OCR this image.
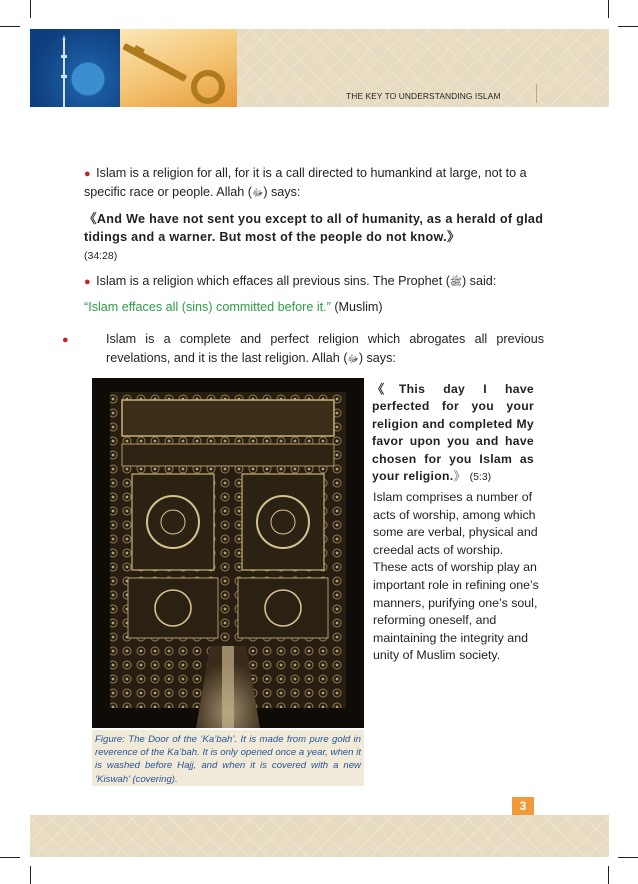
THE KEY TO UNDERSTANDING ISLAM
● Islam is a religion for all, for it is a call directed to humankind at large, not to a specific race or people. Allah (ﷻ) says:
《And We have not sent you except to all of humanity, as a herald of glad tidings and a warner. But most of the people do not know.》
(34:28)
● Islam is a religion which effaces all previous sins. The Prophet (ﷺ) said:
“Islam effaces all (sins) committed before it.” (Muslim)
●	Islam is a complete and perfect religion which abrogates all previous revelations, and it is the last religion. Allah (ﷻ) says:
Figure: The Door of the ‘Ka’bah’. It is made from pure gold in reverence of the Ka’bah. It is only opened once a year, when it is washed before Hajj, and when it is covered with a new ‘Kiswah’ (covering).
《This day I have perfected for you your religion and completed My favor upon you and have chosen for you Islam as your religion.》 (5:3)
Islam comprises a number of acts of worship, among which some are verbal, physical and creedal acts of worship. These acts of worship play an important role in refining one’s manners, purifying one’s soul, reforming oneself, and maintaining the integrity and unity of Muslim society.
3
